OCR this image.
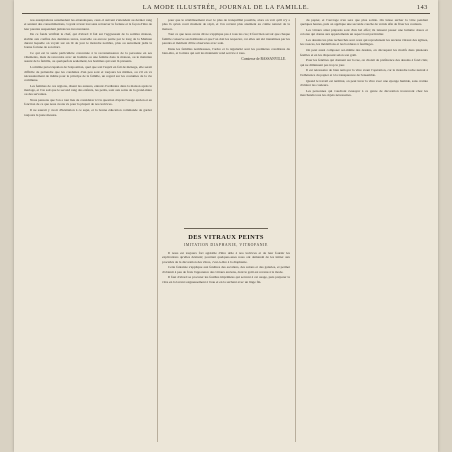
LA MODE ILLUSTRÉE, JOURNAL DE LA FAMILLE.	143

nos aussiptations sansmedent les ettansinques, ceux-ci suivent s'attendent au dernier rang et sentent des consommations, voyant si leur lost sans retrouver la fortune et la façon d'être de leur parente suspendent jamais les inconvenient.

De ce fonds vérifiait le chef, qui d'abord il fait sur l'aggressant de la sombre maison, établie aux confins des dernières terres, nouvelle ou encore partie par le long de la Matinée durant laquelle on voyait sur un lit de jour le moindre nombre, plus ou autrement jadis la bonne fortune de son mari.

Ce qui est la seule particulière concernée à la reconnaissance de la personne en ses vêtements, mais de rencontre avec un homme ou une femme dans la maison, ou le maintien assuré de la famille, ou quelquefois seulement, les hommes qui sont là présents.

La même préoccupation de l'exposition, quel que soit l'esprit en fait de ménage, elle serait difficile de prétendre que les conduites d'un peu sont et toujours les mêmes, ou s'il en va nécessairement de même pour le principe de la famille, un regard sur les coutumes de la vie commune.

Les femmes de ces régions, disent les auteurs, entrent d'ordinaire dans la maison après le mariage, et l'on sait que le second rang des enfants, les petits, sont aux soins de la grand-mère ou des servantes.

Nous pensons que l'on a tout lieu de considérer ici la question d'après l'usage ancien et en fonction de ce que nous avons vu pour la plupart de nos lectrices.

Il ne saurait y avoir d'hésitation à ce sujet, et la bonne éducation commande de garder toujours la juste mesure.

pour que le rétablissement avec le plus de tranquillité possible, alors on voit qu'il n'y a plus là qu'un court moment de répit, et l'on revient plus aisément au calme naturel de la maison.

Tout ce que nous avons dit ne s'applique pas à tous les cas; il faut bien savoir que chaque famille conserve ses habitudes et que l'on doit les respecter, car elles ont été transmises par les parents et méritent d'être observées avec soin.

Dans les familles nombreuses, l'ordre et la régularité sont les premières conditions du bien-être, et la mère qui sait les maintenir rend service à tous.

Comtesse de BASSANVILLE.
DES VITRAUX PEINTS
IMITATION DIAPHANIE, VITROFANIE

Il nous est toujours fort agréable d'être utile à nos lectrices et de leur fournir les explications qu'elles désirent; pourtant quelques-unes nous ont demandé de les initier aux procédés de la décoration des vitres, c'est-à-dire à la diaphanie.

Cette fantaisie s'applique aux fenêtres des escaliers, des salons et des galeries, et permet d'obtenir à peu de frais l'apparence des vitraux anciens, dont le goût est revenu à la mode.

Il faut d'abord se procurer les feuilles imprimées qui servent à cet usage, puis préparer la vitre en la lavant soigneusement à l'eau et en la séchant avec un linge fin.

du papier, et l'ouvrage n'en sera que plus solide. On laisse sécher la vitre pendant quelques heures, puis on applique une seconde couche de vernis afin de fixer les couleurs.

Les vitraux ainsi préparés sont d'un bel effet; ils laissent passer une lumière douce et colorée qui donne aux appartements un aspect tout particulier.

Les dessins les plus recherchés sont ceux qui reproduisent les anciens vitraux des églises, les rosaces, les médaillons et les bordures à feuillages.

On peut aussi composer soi-même des dessins, en découpant les motifs dans plusieurs feuilles et en les disposant selon son goût.

Pour les fenêtres qui donnent sur la rue, on choisit de préférence des dessins à fond clair, qui ne diminuent pas trop le jour.

Il est nécessaire de bien nettoyer la vitre avant l'opération, car la moindre tache nuirait à l'adhérence du papier et à la transparence de l'ensemble.

Quand le travail est terminé, on peut laver la vitre avec une éponge humide, sans crainte d'altérer les couleurs.

Les personnes qui voudront s'essayer à ce genre de décoration trouveront chez les marchands tous les objets nécessaires.
